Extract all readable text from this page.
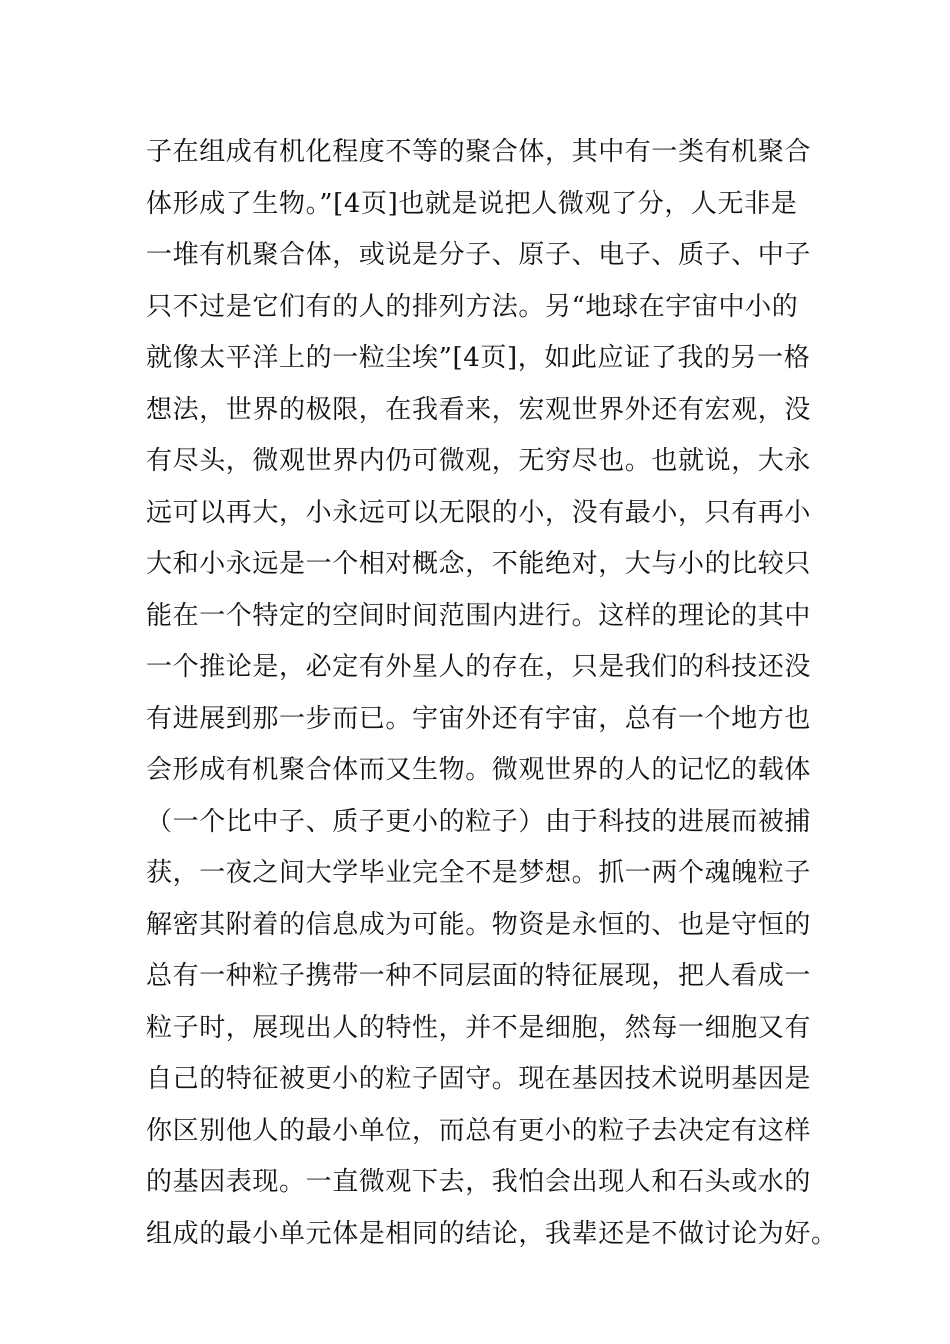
子在组成有机化程度不等的聚合体，其中有一类有机聚合
体形成了生物。”[4页]也就是说把人微观了分，人无非是
一堆有机聚合体，或说是分子、原子、电子、质子、中子
只不过是它们有的人的排列方法。另“地球在宇宙中小的
就像太平洋上的一粒尘埃”[4页]，如此应证了我的另一格
想法，世界的极限，在我看来，宏观世界外还有宏观，没
有尽头，微观世界内仍可微观，无穷尽也。也就说，大永
远可以再大，小永远可以无限的小，没有最小，只有再小
大和小永远是一个相对概念，不能绝对，大与小的比较只
能在一个特定的空间时间范围内进行。这样的理论的其中
一个推论是，必定有外星人的存在，只是我们的科技还没
有进展到那一步而已。宇宙外还有宇宙，总有一个地方也
会形成有机聚合体而又生物。微观世界的人的记忆的载体
（一个比中子、质子更小的粒子）由于科技的进展而被捕
获，一夜之间大学毕业完全不是梦想。抓一两个魂魄粒子
解密其附着的信息成为可能。物资是永恒的、也是守恒的
总有一种粒子携带一种不同层面的特征展现，把人看成一
粒子时，展现出人的特性，并不是细胞，然每一细胞又有
自己的特征被更小的粒子固守。现在基因技术说明基因是
你区别他人的最小单位，而总有更小的粒子去决定有这样
的基因表现。一直微观下去，我怕会出现人和石头或水的
组成的最小单元体是相同的结论，我辈还是不做讨论为好。
